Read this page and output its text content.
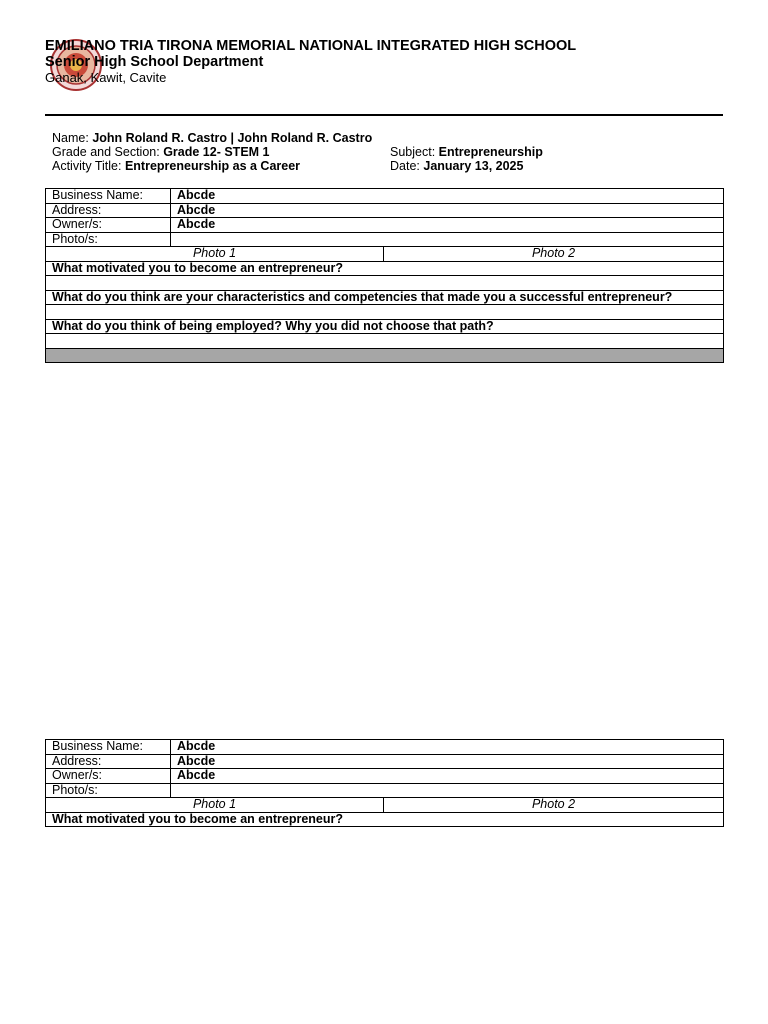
EMILIANO TRIA TIRONA MEMORIAL NATIONAL INTEGRATED HIGH SCHOOL
Senior High School Department
Ganak, Kawit, Cavite
Name: John Roland R. Castro | John Roland R. Castro
Grade and Section: Grade 12- STEM 1
Activity Title: Entrepreneurship as a Career
Subject: Entrepreneurship
Date: January 13, 2025
Business Name:	Abcde	
Address:	Abcde	
Owner/s:	Abcde	
Photo/s:		
Photo 1		Photo 2
What motivated you to become an entrepreneur?		

What do you think are your characteristics and competencies that made you a successful entrepreneur?		

What do you think of being employed? Why you did not choose that path?		

Business Name:	Abcde	
Address:	Abcde	
Owner/s:	Abcde	
Photo/s:		
Photo 1		Photo 2
What motivated you to become an entrepreneur?		
